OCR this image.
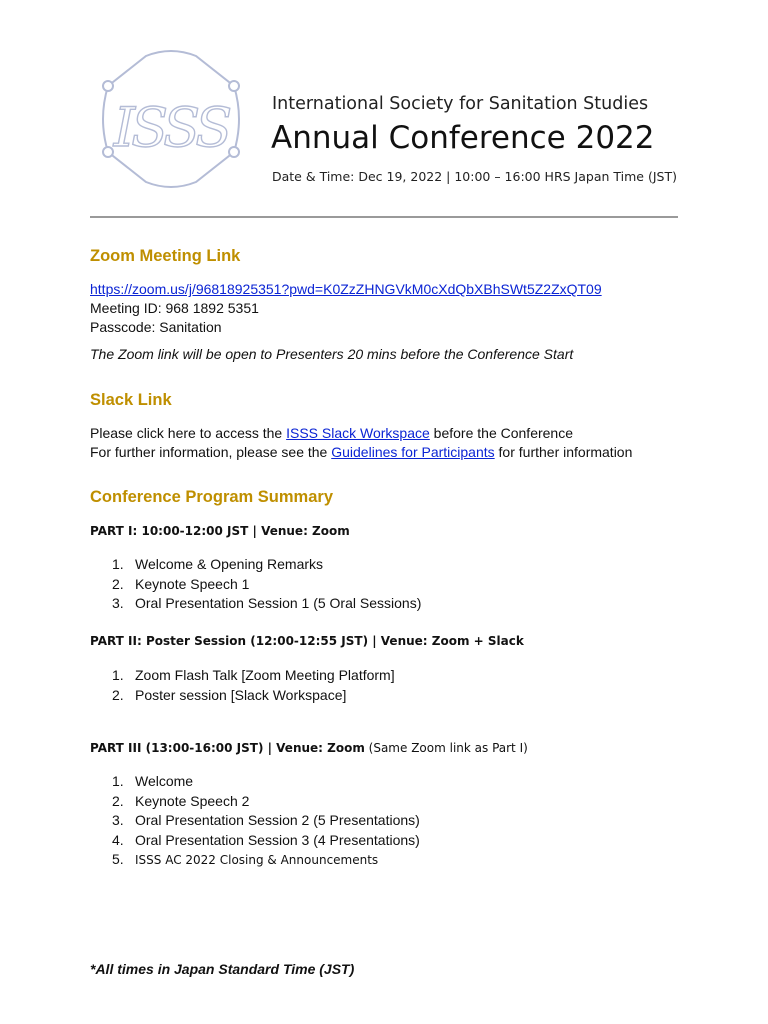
ISSS	International Society for Sanitation Studies
Annual Conference 2022
Date & Time: Dec 19, 2022 | 10:00 – 16:00 HRS Japan Time (JST)
Zoom Meeting Link
https://zoom.us/j/96818925351?pwd=K0ZzZHNGVkM0cXdQbXBhSWt5Z2ZxQT09
Meeting ID: 968 1892 5351
Passcode: Sanitation
The Zoom link will be open to Presenters 20 mins before the Conference Start
Slack Link
Please click here to access the ISSS Slack Workspace before the Conference
For further information, please see the Guidelines for Participants for further information
Conference Program Summary
PART I: 10:00-12:00 JST | Venue: Zoom
1. Welcome & Opening Remarks
2. Keynote Speech 1
3. Oral Presentation Session 1 (5 Oral Sessions)
PART II: Poster Session (12:00-12:55 JST) | Venue: Zoom + Slack
1. Zoom Flash Talk [Zoom Meeting Platform]
2. Poster session [Slack Workspace]
PART III (13:00-16:00 JST) | Venue: Zoom (Same Zoom link as Part I)
1. Welcome
2. Keynote Speech 2
3. Oral Presentation Session 2 (5 Presentations)
4. Oral Presentation Session 3 (4 Presentations)
5. ISSS AC 2022 Closing & Announcements
*All times in Japan Standard Time (JST)
